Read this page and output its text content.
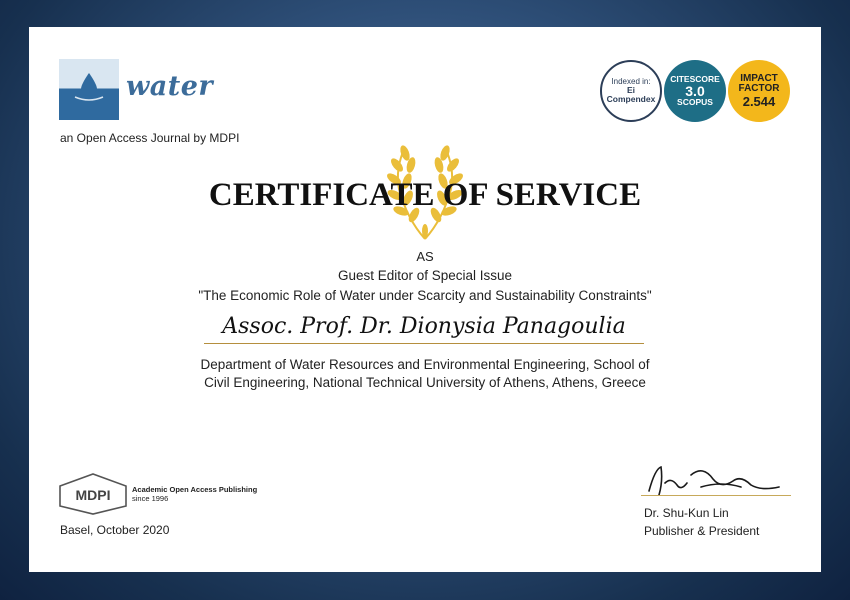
water
an Open Access Journal by MDPI
Indexed in:
Ei Compendex
CITESCORE
3.0
SCOPUS
IMPACT
FACTOR
2.544
CERTIFICATE OF SERVICE
AS
Guest Editor of Special Issue
"The Economic Role of Water under Scarcity and Sustainability Constraints"
Assoc. Prof. Dr. Dionysia Panagoulia
Department of Water Resources and Environmental Engineering, School of
Civil Engineering, National Technical University of Athens, Athens, Greece
MDPI	Academic Open Access Publishing
since 1996
Basel, October 2020
Dr. Shu-Kun Lin
Publisher & President
